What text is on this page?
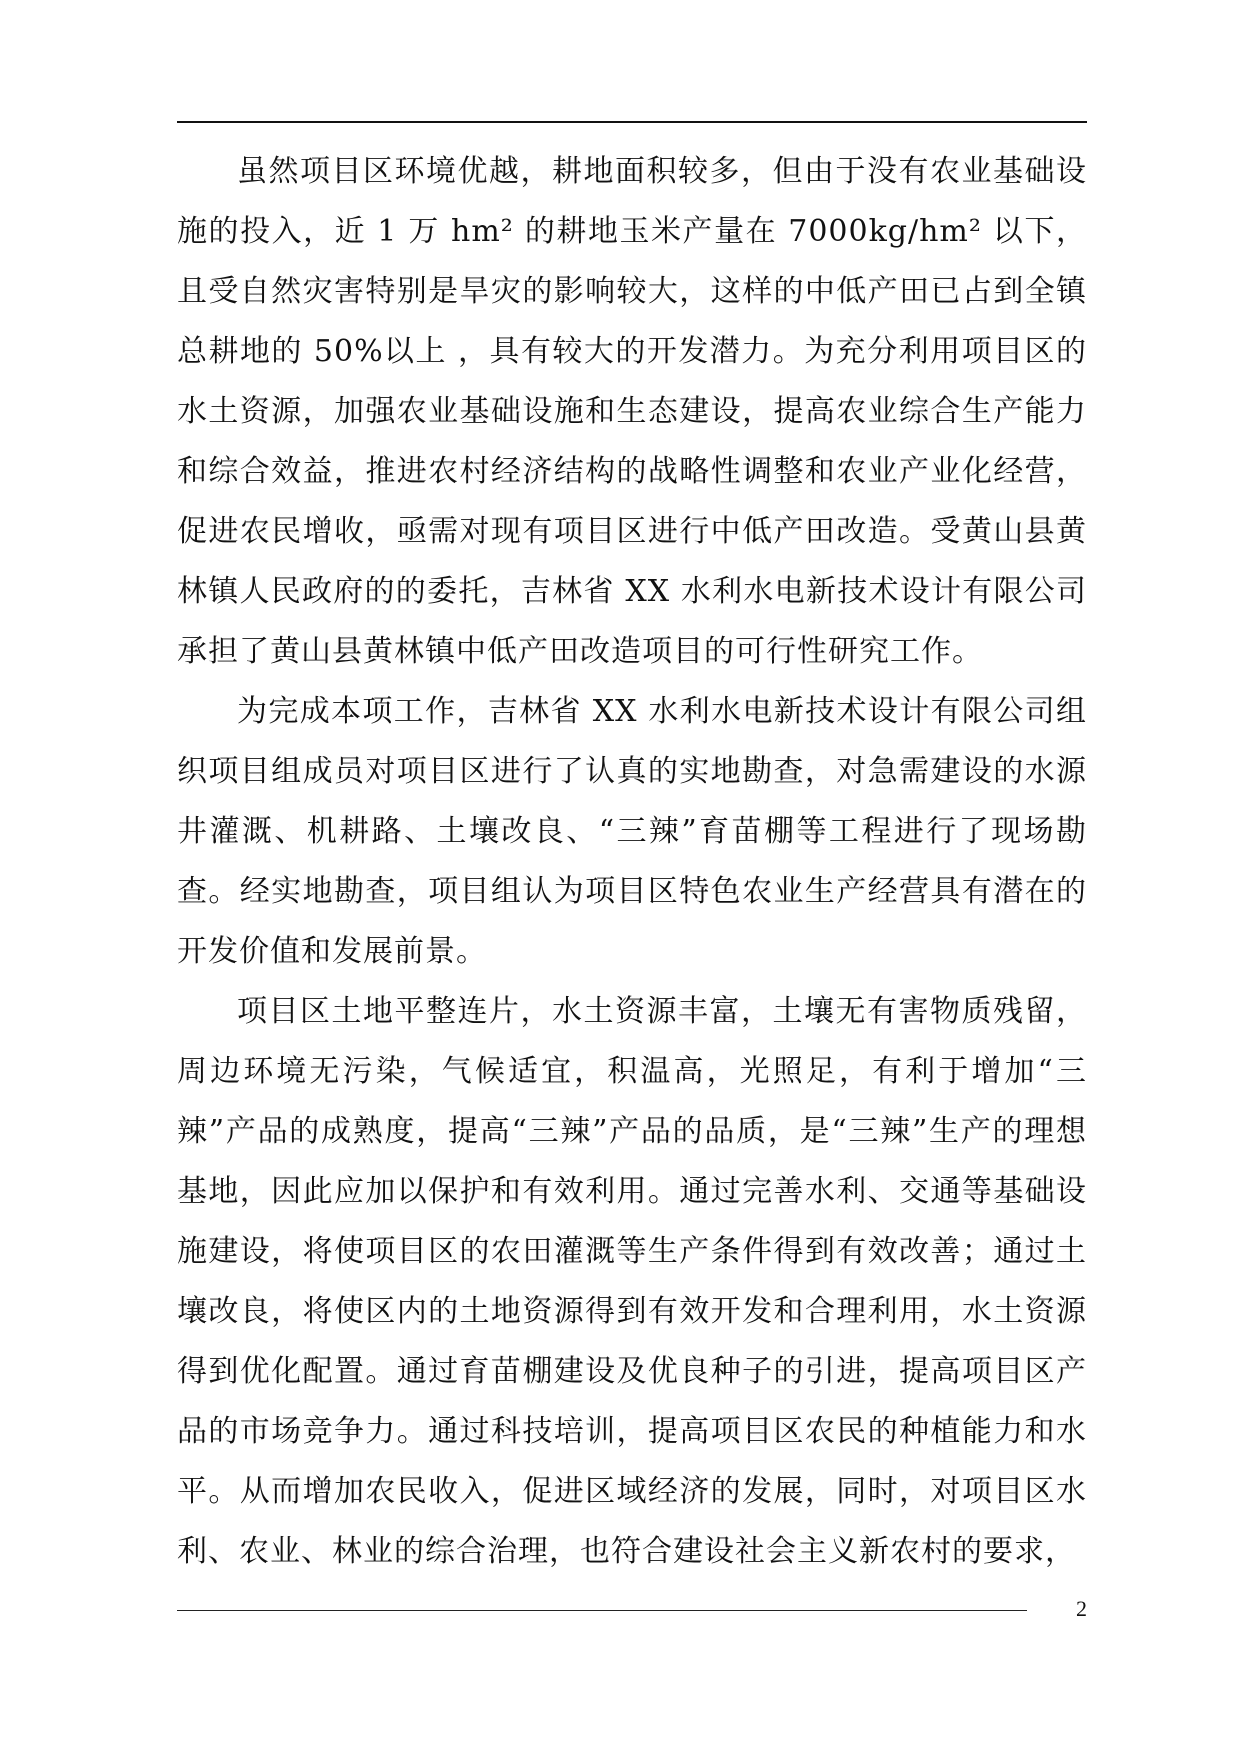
虽然项目区环境优越，耕地面积较多，但由于没有农业基础设施的投入，近 1 万 hm² 的耕地玉米产量在 7000kg/hm² 以下，且受自然灾害特别是旱灾的影响较大，这样的中低产田已占到全镇总耕地的 50%以上 ，具有较大的开发潜力。为充分利用项目区的水土资源，加强农业基础设施和生态建设，提高农业综合生产能力和综合效益，推进农村经济结构的战略性调整和农业产业化经营，促进农民增收，亟需对现有项目区进行中低产田改造。受黄山县黄林镇人民政府的的委托，吉林省 XX 水利水电新技术设计有限公司承担了黄山县黄林镇中低产田改造项目的可行性研究工作。

为完成本项工作，吉林省 XX 水利水电新技术设计有限公司组织项目组成员对项目区进行了认真的实地勘查，对急需建设的水源井灌溉、机耕路、土壤改良、“三辣”育苗棚等工程进行了现场勘查。经实地勘查，项目组认为项目区特色农业生产经营具有潜在的开发价值和发展前景。

项目区土地平整连片，水土资源丰富，土壤无有害物质残留，周边环境无污染，气候适宜，积温高，光照足，有利于增加“三辣”产品的成熟度，提高“三辣”产品的品质，是“三辣”生产的理想基地，因此应加以保护和有效利用。通过完善水利、交通等基础设施建设，将使项目区的农田灌溉等生产条件得到有效改善；通过土壤改良，将使区内的土地资源得到有效开发和合理利用，水土资源得到优化配置。通过育苗棚建设及优良种子的引进，提高项目区产品的市场竞争力。通过科技培训，提高项目区农民的种植能力和水平。从而增加农民收入，促进区域经济的发展，同时，对项目区水利、农业、林业的综合治理，也符合建设社会主义新农村的要求，

2
